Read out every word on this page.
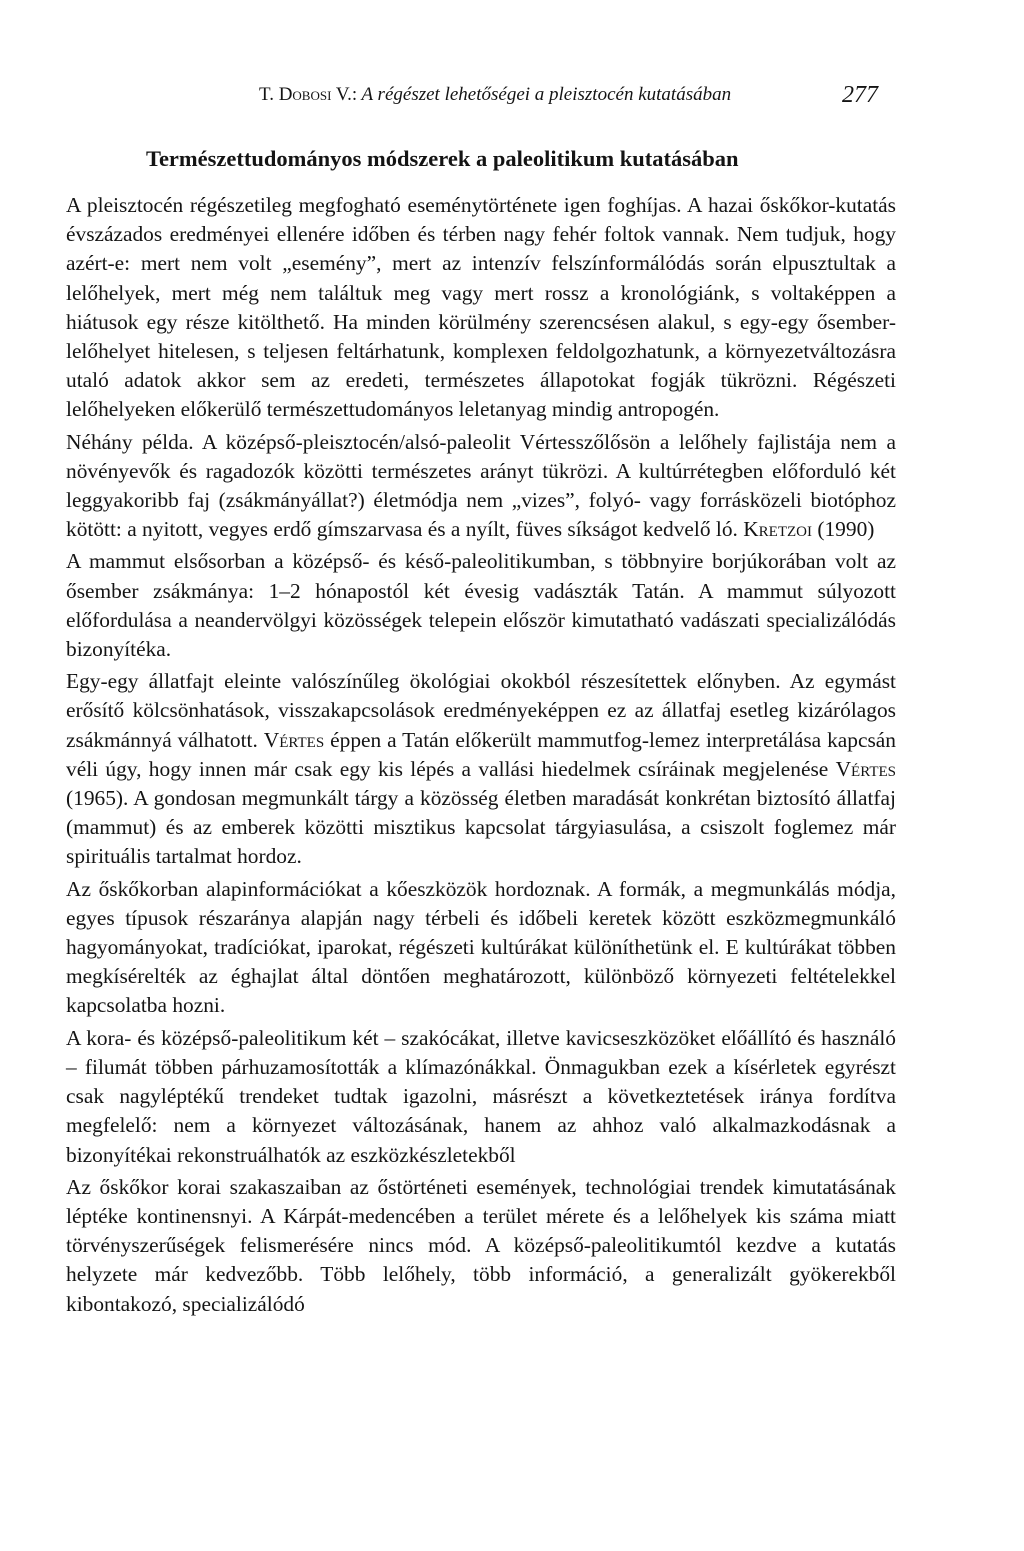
T. Dobosi V.: A régészet lehetőségei a pleisztocén kutatásában	277
Természettudományos módszerek a paleolitikum kutatásában

A pleisztocén régészetileg megfogható eseménytörténete igen foghíjas. A hazai őskőkor-kutatás évszázados eredményei ellenére időben és térben nagy fehér foltok vannak. Nem tudjuk, hogy azért-e: mert nem volt „esemény”, mert az intenzív felszínformálódás során elpusztultak a lelőhelyek, mert még nem találtuk meg vagy mert rossz a kronológiánk, s voltaképpen a hiátusok egy része kitölthető. Ha minden körülmény szerencsésen alakul, s egy-egy ősember-lelőhelyet hitelesen, s teljesen feltárhatunk, komplexen feldolgozhatunk, a környezetváltozásra utaló adatok akkor sem az eredeti, természetes állapotokat fogják tükrözni. Régészeti lelőhelyeken előkerülő természettudományos leletanyag mindig antropogén.

Néhány példa. A középső-pleisztocén/alsó-paleolit Vértesszőlősön a lelőhely fajlistája nem a növényevők és ragadozók közötti természetes arányt tükrözi. A kultúrrétegben előforduló két leggyakoribb faj (zsákmányállat?) életmódja nem „vizes”, folyó- vagy forrásközeli biotóphoz kötött: a nyitott, vegyes erdő gímszarvasa és a nyílt, füves síkságot kedvelő ló. Kretzoi (1990)

A mammut elsősorban a középső- és késő-paleolitikumban, s többnyire borjúkorában volt az ősember zsákmánya: 1–2 hónapostól két évesig vadászták Tatán. A mammut súlyozott előfordulása a neandervölgyi közösségek telepein először kimutatható vadászati specializálódás bizonyítéka.

Egy-egy állatfajt eleinte valószínűleg ökológiai okokból részesítettek előnyben. Az egymást erősítő kölcsönhatások, visszakapcsolások eredményeképpen ez az állatfaj esetleg kizárólagos zsákmánnyá válhatott. Vértes éppen a Tatán előkerült mammutfog-lemez interpretálása kapcsán véli úgy, hogy innen már csak egy kis lépés a vallási hiedelmek csíráinak megjelenése Vértes (1965). A gondosan megmunkált tárgy a közösség életben maradását konkrétan biztosító állatfaj (mammut) és az emberek közötti misztikus kapcsolat tárgyiasulása, a csiszolt foglemez már spirituális tartalmat hordoz.

Az őskőkorban alapinformációkat a kőeszközök hordoznak. A formák, a megmunkálás módja, egyes típusok részaránya alapján nagy térbeli és időbeli keretek között eszközmegmunkáló hagyományokat, tradíciókat, iparokat, régészeti kultúrákat különíthetünk el. E kultúrákat többen megkísérelték az éghajlat által döntően meghatározott, különböző környezeti feltételekkel kapcsolatba hozni.

A kora- és középső-paleolitikum két – szakócákat, illetve kavicseszközöket előállító és használó – filumát többen párhuzamosították a klímazónákkal. Önmagukban ezek a kísérletek egyrészt csak nagyléptékű trendeket tudtak igazolni, másrészt a következtetések iránya fordítva megfelelő: nem a környezet változásának, hanem az ahhoz való alkalmazkodásnak a bizonyítékai rekonstruálhatók az eszközkészletekből

Az őskőkor korai szakaszaiban az őstörténeti események, technológiai trendek kimutatásának léptéke kontinensnyi. A Kárpát-medencében a terület mérete és a lelőhelyek kis száma miatt törvényszerűségek felismerésére nincs mód. A középső-paleolitikumtól kezdve a kutatás helyzete már kedvezőbb. Több lelőhely, több információ, a generalizált gyökerekből kibontakozó, specializálódó
